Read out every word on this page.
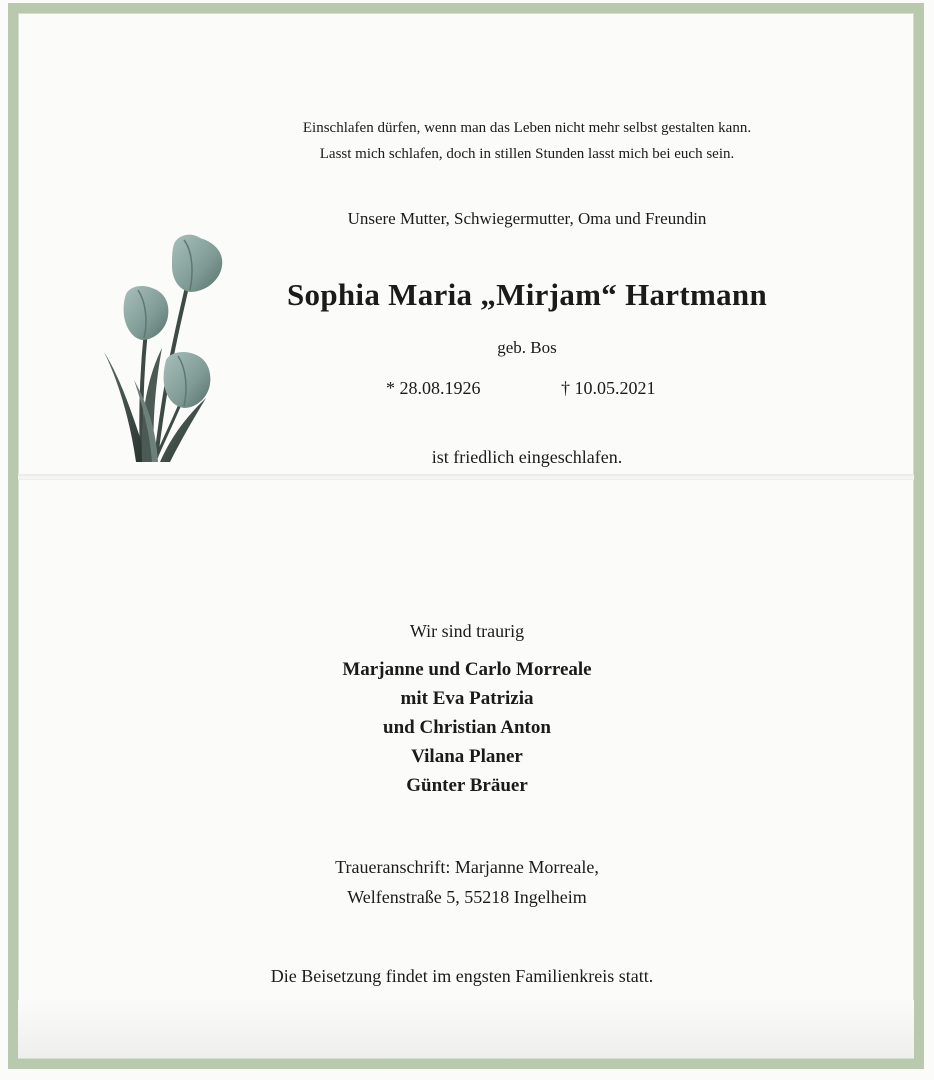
Einschlafen dürfen, wenn man das Leben nicht mehr selbst gestalten kann.
Lasst mich schlafen, doch in stillen Stunden lasst mich bei euch sein.
Unsere Mutter, Schwiegermutter, Oma und Freundin
Sophia Maria „Mirjam“ Hartmann
geb. Bos
* 28.08.1926	† 10.05.2021
ist friedlich eingeschlafen.
Wir sind traurig
Marjanne und Carlo Morreale
mit Eva Patrizia
und Christian Anton
Vilana Planer
Günter Bräuer
Traueranschrift: Marjanne Morreale,
Welfenstraße 5, 55218 Ingelheim
Die Beisetzung findet im engsten Familienkreis statt.
